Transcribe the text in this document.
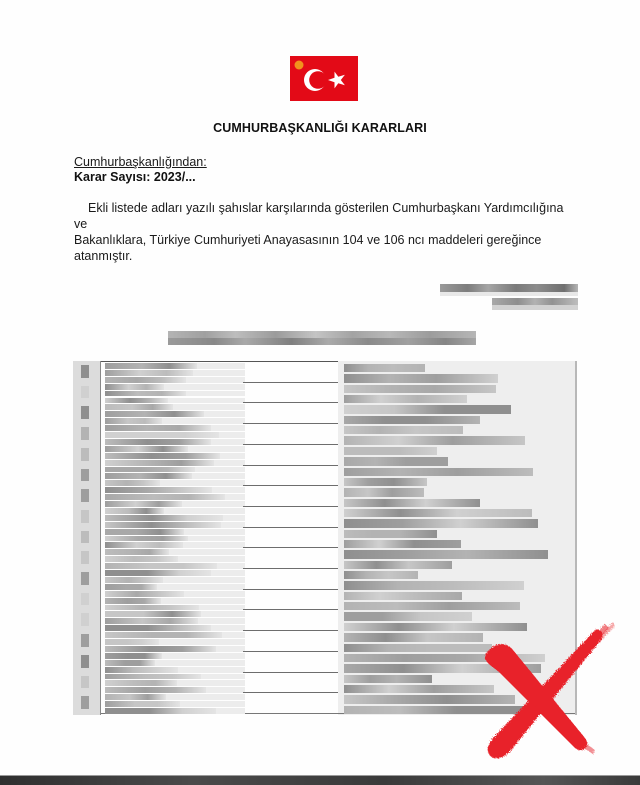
CUMHURBAŞKANLIĞI KARARLARI
Cumhurbaşkanlığından:
Karar Sayısı: 2023/...
Ekli listede adları yazılı şahıslar karşılarında gösterilen Cumhurbaşkanı Yardımcılığına ve
Bakanlıklara, Türkiye Cumhuriyeti Anayasasının 104 ve 106 ncı maddeleri gereğince
atanmıştır.
